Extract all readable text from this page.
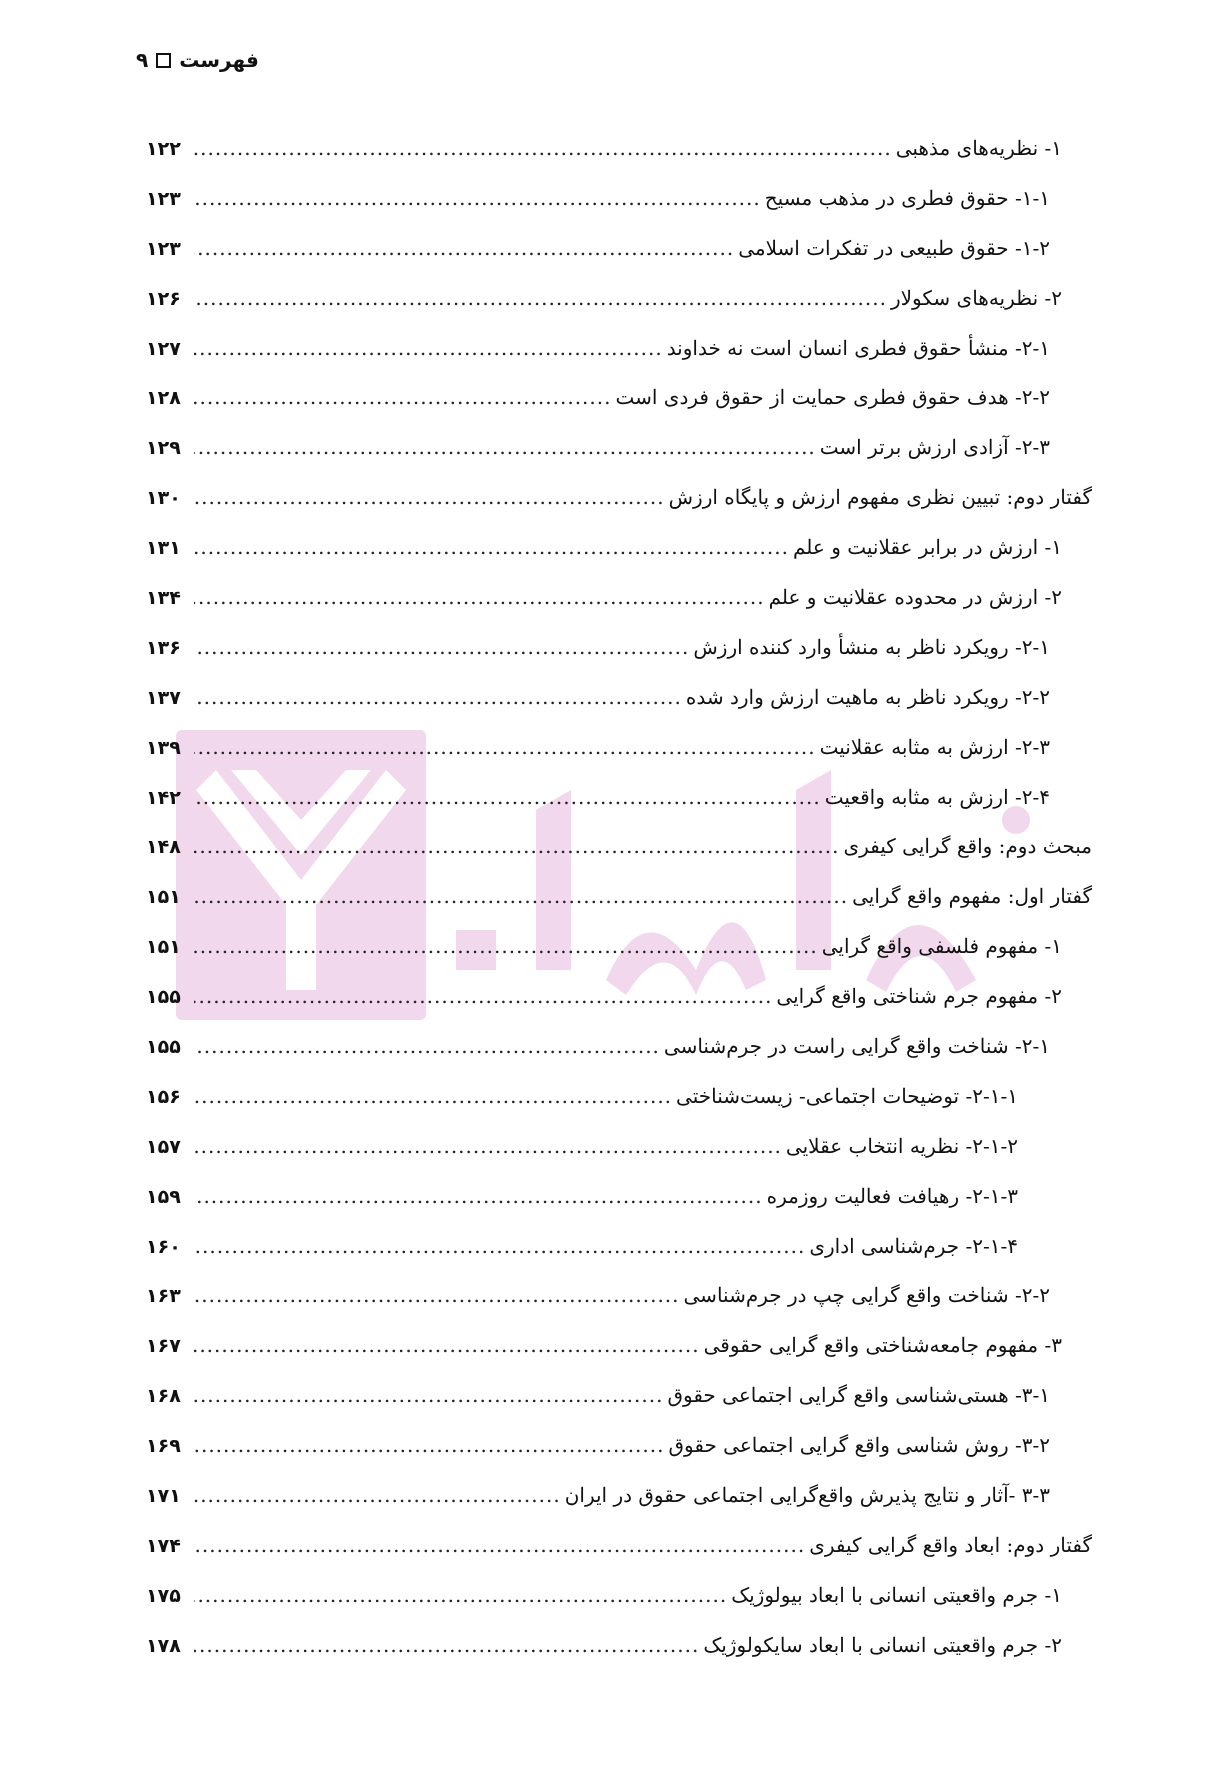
۹ فهرست
۱- نظریه‌های مذهبی
.....
۱۲۲
۱-۱- حقوق فطری در مذهب مسیح
.....
۱۲۳
۱-۲- حقوق طبیعی در تفکرات اسلامی
.....
۱۲۳
۲- نظریه‌های سکولار
.....
۱۲۶
۲-۱- منشأ حقوق فطری انسان است نه خداوند
.....
۱۲۷
۲-۲- هدف حقوق فطری حمایت از حقوق فردی است
.....
۱۲۸
۲-۳- آزادی ارزش برتر است
.....
۱۲۹
گفتار دوم: تبیین نظری مفهوم ارزش و پایگاه ارزش
.....
۱۳۰
۱- ارزش در برابر عقلانیت و علم
.....
۱۳۱
۲- ارزش در محدوده عقلانیت و علم
.....
۱۳۴
۲-۱- رویکرد ناظر به منشأ وارد کننده ارزش
.....
۱۳۶
۲-۲- رویکرد ناظر به ماهیت ارزش وارد شده
.....
۱۳۷
۲-۳- ارزش به مثابه عقلانیت
.....
۱۳۹
۲-۴- ارزش به مثابه واقعیت
.....
۱۴۲
مبحث دوم: واقع گرایی کیفری
.....
۱۴۸
گفتار اول: مفهوم واقع گرایی
.....
۱۵۱
۱- مفهوم فلسفی واقع گرایی
.....
۱۵۱
۲- مفهوم جرم شناختی واقع گرایی
.....
۱۵۵
۲-۱- شناخت واقع گرایی راست در جرم‌شناسی
.....
۱۵۵
۲-۱-۱- توضیحات اجتماعی- زیست‌شناختی
.....
۱۵۶
۲-۱-۲- نظریه انتخاب عقلایی
.....
۱۵۷
۲-۱-۳- رهیافت فعالیت روزمره
.....
۱۵۹
۲-۱-۴- جرم‌شناسی اداری
.....
۱۶۰
۲-۲- شناخت واقع گرایی چپ در جرم‌شناسی
.....
۱۶۳
۳- مفهوم جامعه‌شناختی واقع گرایی حقوقی
.....
۱۶۷
۳-۱- هستی‌شناسی واقع گرایی اجتماعی حقوق
.....
۱۶۸
۳-۲- روش شناسی واقع گرایی اجتماعی حقوق
.....
۱۶۹
۳-۳ -آثار و نتایج پذیرش واقع‌گرایی اجتماعی حقوق در ایران
.....
۱۷۱
گفتار دوم: ابعاد واقع گرایی کیفری
.....
۱۷۴
۱- جرم واقعیتی انسانی با ابعاد بیولوژیک
.....
۱۷۵
۲- جرم واقعیتی انسانی با ابعاد سایکولوژیک
.....
۱۷۸
